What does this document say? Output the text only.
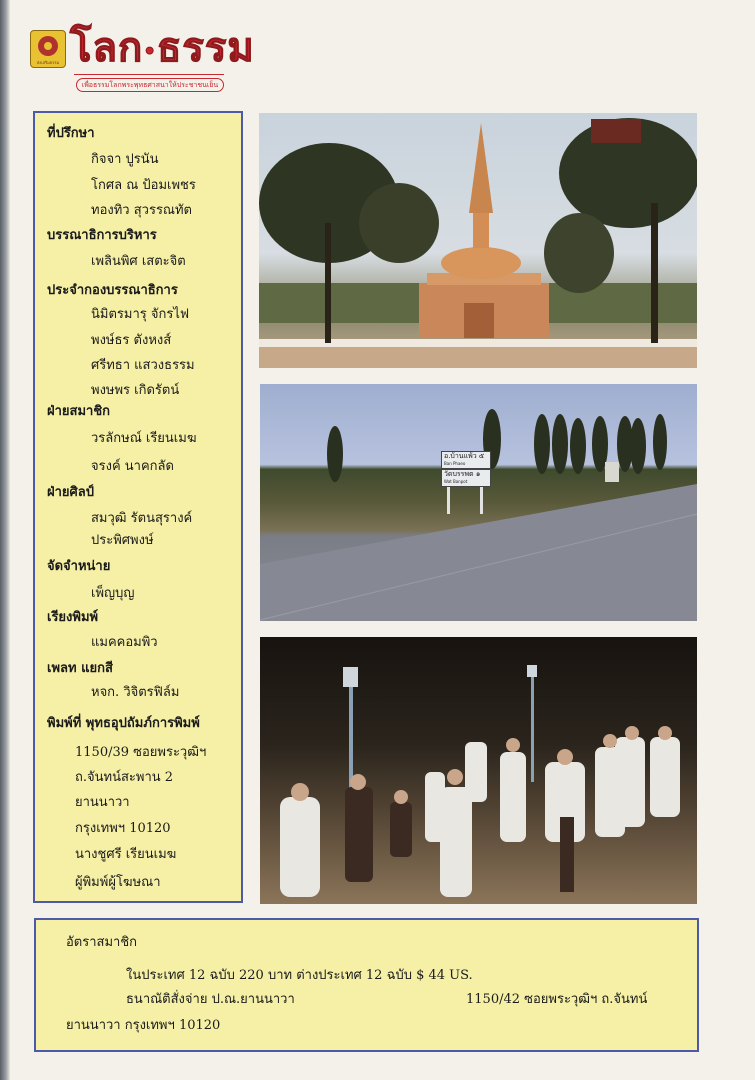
ส่งเสริมธรรม โลก•ธรรม
เพื่อธรรมโลกพระพุทธศาสนาให้ประชาชนเย็น
ที่ปรึกษา
กิจจา ปูรนัน
โกศล ณ ป้อมเพชร
ทองทิว สุวรรณทัต
บรรณาธิการบริหาร
เพลินพิศ เสตะจิต
ประจำกองบรรณาธิการ
นิมิตรมารุ จักรไฟ
พงษ์ธร ตังหงส์
ศรีทธา แสวงธรรม
พงษพร เกิดรัตน์
ฝ่ายสมาชิก
วรลักษณ์ เรียนเมฆ
จรงค์ นาคกลัด
ฝ่ายศิลป์
สมวุฒิ รัตนสุรางค์
ประพิศพงษ์
จัดจำหน่าย
เพ็ญบุญ
เรียงพิมพ์
แมคคอมพิว
เพลท แยกสี
หจก. วิจิตรฟิล์ม
พิมพ์ที่ พุทธอุปถัมภ์การพิมพ์
1150/39 ซอยพระวุฒิฯ
ถ.จันทน์สะพาน 2
ยานนาวา
กรุงเทพฯ 10120
นางชูศรี เรียนเมฆ
ผู้พิมพ์ผู้โฆษณา
อ.บ้านแพ้ว ๕
Ban Phaeo
วัดบรรพต ๑
Wat Banpot
อัตราสมาชิก
ในประเทศ 12 ฉบับ 220 บาท ต่างประเทศ 12 ฉบับ $ 44 US.
ธนาณัติสั่งจ่าย ป.ณ.ยานนาวา	1150/42 ซอยพระวุฒิฯ ถ.จันทน์
ยานนาวา กรุงเทพฯ 10120
